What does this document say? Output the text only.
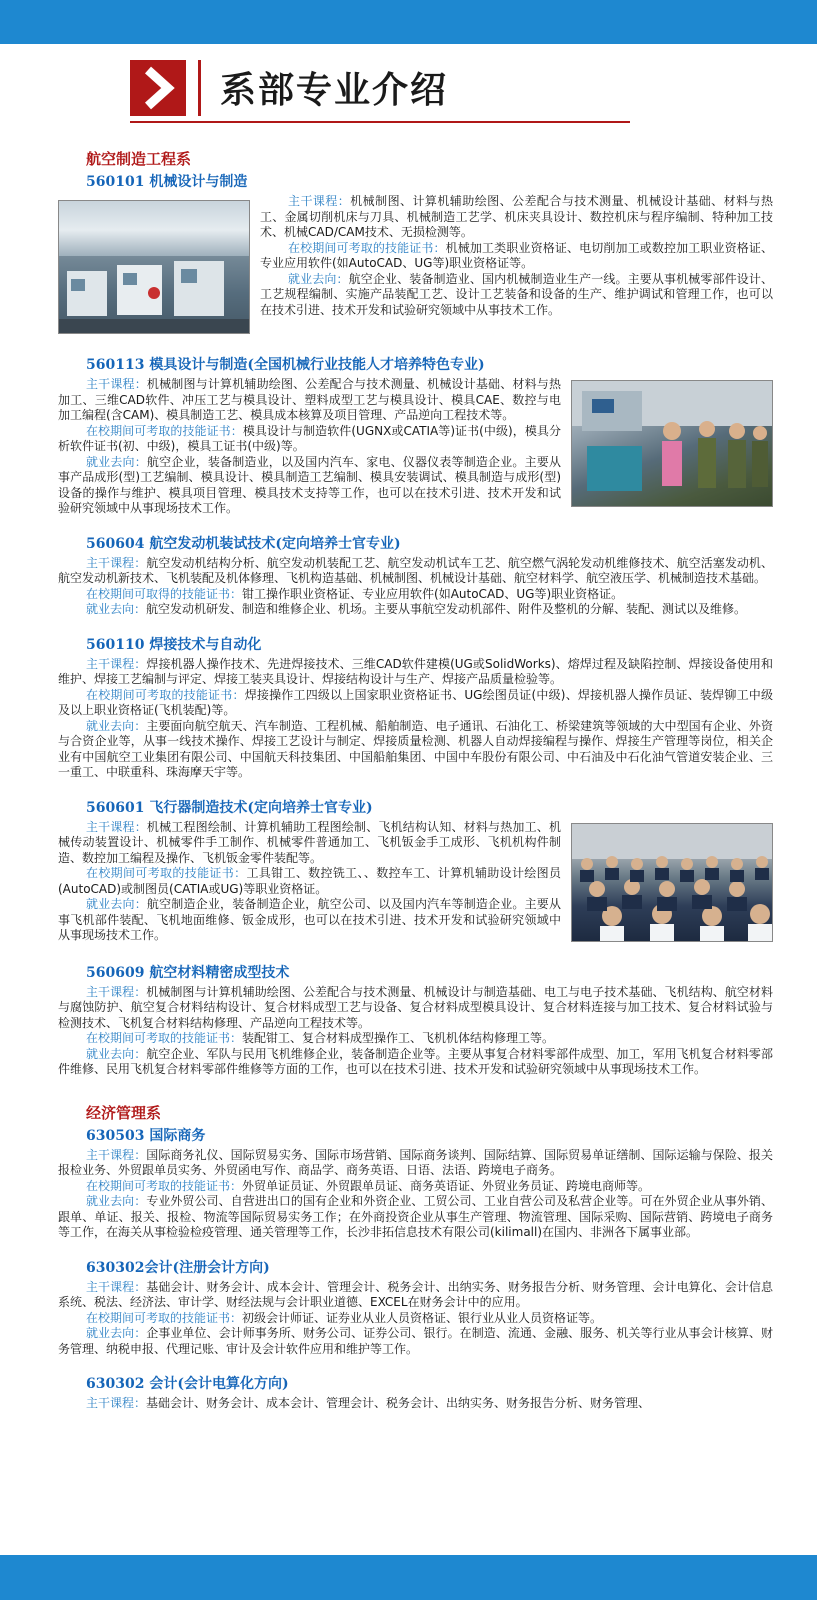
系部专业介绍
航空制造工程系
560101 机械设计与制造

主干课程：机械制图、计算机辅助绘图、公差配合与技术测量、机械设计基础、材料与热工、金属切削机床与刀具、机械制造工艺学、机床夹具设计、数控机床与程序编制、特种加工技术、机械CAD/CAM技术、无损检测等。

在校期间可考取的技能证书：机械加工类职业资格证、电切削加工或数控加工职业资格证、专业应用软件(如AutoCAD、UG等)职业资格证等。

就业去向：航空企业、装备制造业、国内机械制造业生产一线。主要从事机械零部件设计、工艺规程编制、实施产品装配工艺、设计工艺装备和设备的生产、维护调试和管理工作，也可以在技术引进、技术开发和试验研究领域中从事技术工作。

560113 模具设计与制造(全国机械行业技能人才培养特色专业)

主干课程：机械制图与计算机辅助绘图、公差配合与技术测量、机械设计基础、材料与热加工、三维CAD软件、冲压工艺与模具设计、塑料成型工艺与模具设计、模具CAE、数控与电加工编程(含CAM)、模具制造工艺、模具成本核算及项目管理、产品逆向工程技术等。

在校期间可考取的技能证书：模具设计与制造软件(UGNX或CATIA等)证书(中级)，模具分析软件证书(初、中级)，模具工证书(中级)等。

就业去向：航空企业，装备制造业，以及国内汽车、家电、仪器仪表等制造企业。主要从事产品成形(型)工艺编制、模具设计、模具制造工艺编制、模具安装调试、模具制造与成形(型)设备的操作与维护、模具项目管理、模具技术支持等工作，也可以在技术引进、技术开发和试验研究领域中从事现场技术工作。

560604 航空发动机装试技术(定向培养士官专业)

主干课程：航空发动机结构分析、航空发动机装配工艺、航空发动机试车工艺、航空燃气涡轮发动机维修技术、航空活塞发动机、航空发动机新技术、飞机装配及机体修理、飞机构造基础、机械制图、机械设计基础、航空材料学、航空液压学、机械制造技术基础。

在校期间可取得的技能证书：钳工操作职业资格证、专业应用软件(如AutoCAD、UG等)职业资格证。

就业去向：航空发动机研发、制造和维修企业、机场。主要从事航空发动机部件、附件及整机的分解、装配、测试以及维修。

560110 焊接技术与自动化

主干课程：焊接机器人操作技术、先进焊接技术、三维CAD软件建模(UG或SolidWorks)、熔焊过程及缺陷控制、焊接设备使用和维护、焊接工艺编制与评定、焊接工装夹具设计、焊接结构设计与生产、焊接产品质量检验等。

在校期间可考取的技能证书：焊接操作工四级以上国家职业资格证书、UG绘图员证(中级)、焊接机器人操作员证、装焊铆工中级及以上职业资格证(飞机装配)等。

就业去向：主要面向航空航天、汽车制造、工程机械、船舶制造、电子通讯、石油化工、桥梁建筑等领域的大中型国有企业、外资与合资企业等，从事一线技术操作、焊接工艺设计与制定、焊接质量检测、机器人自动焊接编程与操作、焊接生产管理等岗位，相关企业有中国航空工业集团有限公司、中国航天科技集团、中国船舶集团、中国中车股份有限公司、中石油及中石化油气管道安装企业、三一重工、中联重科、珠海摩天宇等。

560601 飞行器制造技术(定向培养士官专业)

主干课程：机械工程图绘制、计算机辅助工程图绘制、飞机结构认知、材料与热加工、机械传动装置设计、机械零件手工制作、机械零件普通加工、飞机钣金手工成形、飞机机构件制造、数控加工编程及操作、飞机钣金零件装配等。

在校期间可考取的技能证书：工具钳工、数控铣工、、数控车工、计算机辅助设计绘图员(AutoCAD)或制图员(CATIA或UG)等职业资格证。

就业去向：航空制造企业，装备制造企业，航空公司、以及国内汽车等制造企业。主要从事飞机部件装配、飞机地面维修、钣金成形，也可以在技术引进、技术开发和试验研究领域中从事现场技术工作。

560609 航空材料精密成型技术

主干课程：机械制图与计算机辅助绘图、公差配合与技术测量、机械设计与制造基础、电工与电子技术基础、飞机结构、航空材料与腐蚀防护、航空复合材料结构设计、复合材料成型工艺与设备、复合材料成型模具设计、复合材料连接与加工技术、复合材料试验与检测技术、飞机复合材料结构修理、产品逆向工程技术等。

在校期间可考取的技能证书：装配钳工、复合材料成型操作工、飞机机体结构修理工等。

就业去向：航空企业、军队与民用飞机维修企业，装备制造企业等。主要从事复合材料零部件成型、加工，军用飞机复合材料零部件维修、民用飞机复合材料零部件维修等方面的工作，也可以在技术引进、技术开发和试验研究领域中从事现场技术工作。

经济管理系
630503 国际商务

主干课程：国际商务礼仪、国际贸易实务、国际市场营销、国际商务谈判、国际结算、国际贸易单证缮制、国际运输与保险、报关报检业务、外贸跟单员实务、外贸函电写作、商品学、商务英语、日语、法语、跨境电子商务。

在校期间可考取的技能证书：外贸单证员证、外贸跟单员证、商务英语证、外贸业务员证、跨境电商师等。

就业去向：专业外贸公司、自营进出口的国有企业和外资企业、工贸公司、工业自营公司及私营企业等。可在外贸企业从事外销、跟单、单证、报关、报检、物流等国际贸易实务工作；在外商投资企业从事生产管理、物流管理、国际采购、国际营销、跨境电子商务等工作，在海关从事检验检疫管理、通关管理等工作，长沙非拓信息技术有限公司(kilimall)在国内、非洲各下属事业部。

630302会计(注册会计方向)

主干课程：基础会计、财务会计、成本会计、管理会计、税务会计、出纳实务、财务报告分析、财务管理、会计电算化、会计信息系统、税法、经济法、审计学、财经法规与会计职业道德、EXCEL在财务会计中的应用。

在校期间可考取的技能证书：初级会计师证、证券业从业人员资格证、银行业从业人员资格证等。

就业去向：企事业单位、会计师事务所、财务公司、证券公司、银行。在制造、流通、金融、服务、机关等行业从事会计核算、财务管理、纳税申报、代理记账、审计及会计软件应用和维护等工作。

630302 会计(会计电算化方向)

主干课程：基础会计、财务会计、成本会计、管理会计、税务会计、出纳实务、财务报告分析、财务管理、
